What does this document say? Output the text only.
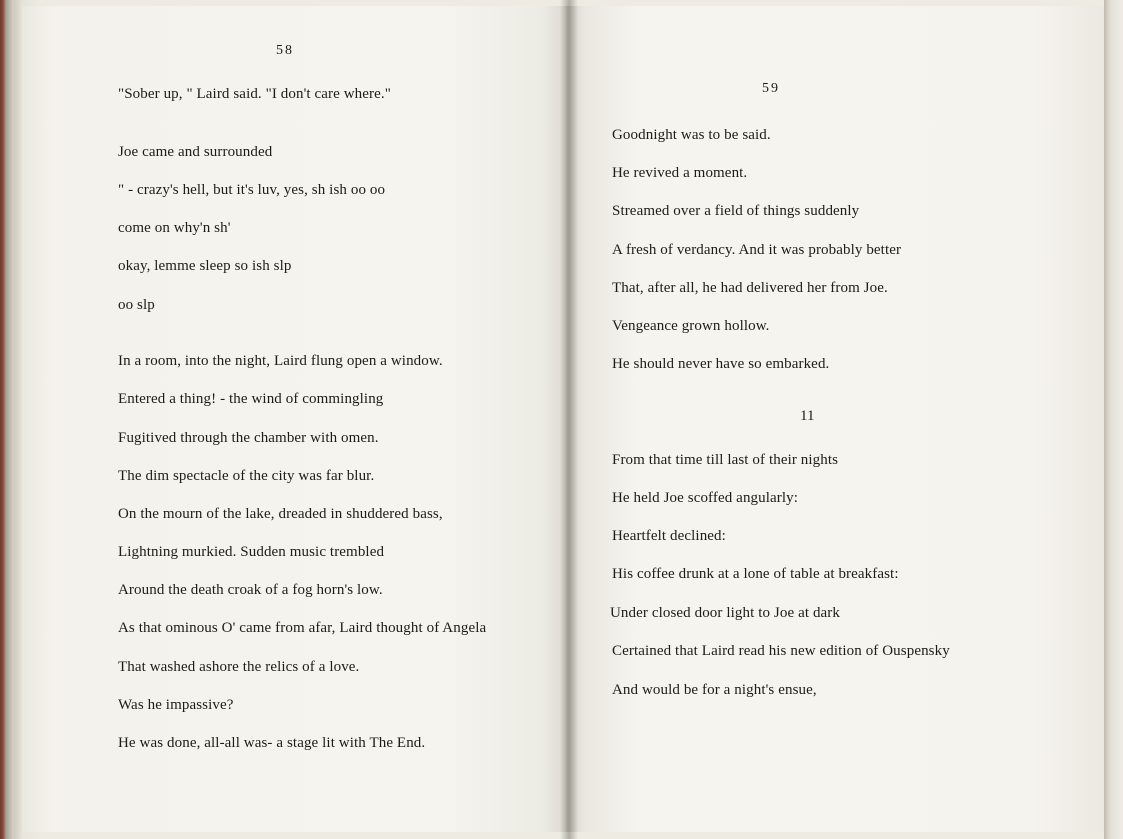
58
"Sober up, " Laird said. "I don't care where."
Joe came and surrounded
" - crazy's hell, but it's luv, yes, sh ish oo oo
come on why'n sh'
okay, lemme sleep so ish slp
oo slp
In a room, into the night, Laird flung open a window.
Entered a thing! - the wind of commingling
Fugitived through the chamber with omen.
The dim spectacle of the city was far blur.
On the mourn of the lake, dreaded in shuddered bass,
Lightning murkied. Sudden music trembled
Around the death croak of a fog horn's low.
As that ominous O' came from afar, Laird thought of Angela
That washed ashore the relics of a love.
Was he impassive?
He was done, all-all was- a stage lit with The End.
59
Goodnight was to be said.
He revived a moment.
Streamed over a field of things suddenly
A fresh of verdancy. And it was probably better
That, after all, he had delivered her from Joe.
Vengeance grown hollow.
He should never have so embarked.
11
From that time till last of their nights
He held Joe scoffed angularly:
Heartfelt declined:
His coffee drunk at a lone of table at breakfast:
Under closed door light to Joe at dark
Certained that Laird read his new edition of Ouspensky
And would be for a night's ensue,
